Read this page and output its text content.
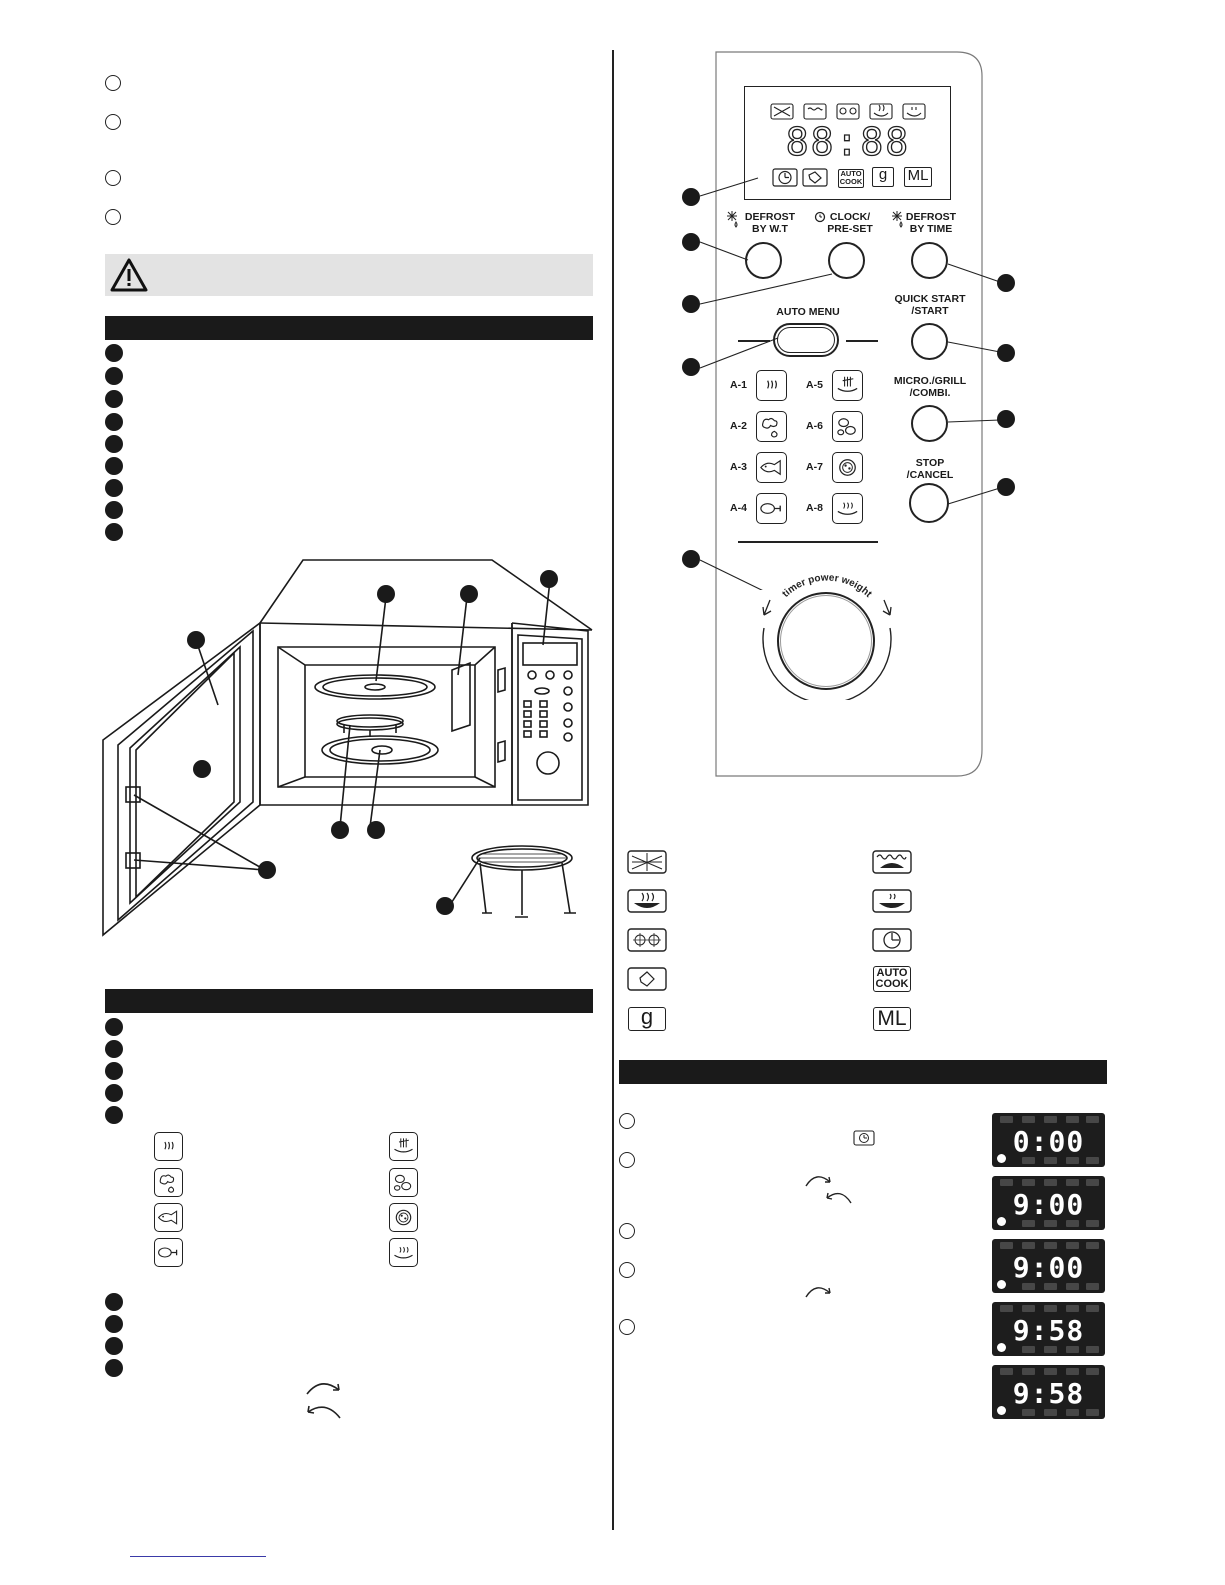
88:88
AUTO
COOK	g	ML
DEFROST
BY W.T
CLOCK/
PRE-SET
DEFROST
BY TIME
AUTO MENU
QUICK START
/START
MICRO./GRILL
/COMBI.
STOP
/CANCEL
A-1
A-2
A-3
A-4
A-5
A-6
A-7
A-8
timer power weight
g
AUTO
COOK
ML
0:00
9:00
9:00
9:58
9:58
